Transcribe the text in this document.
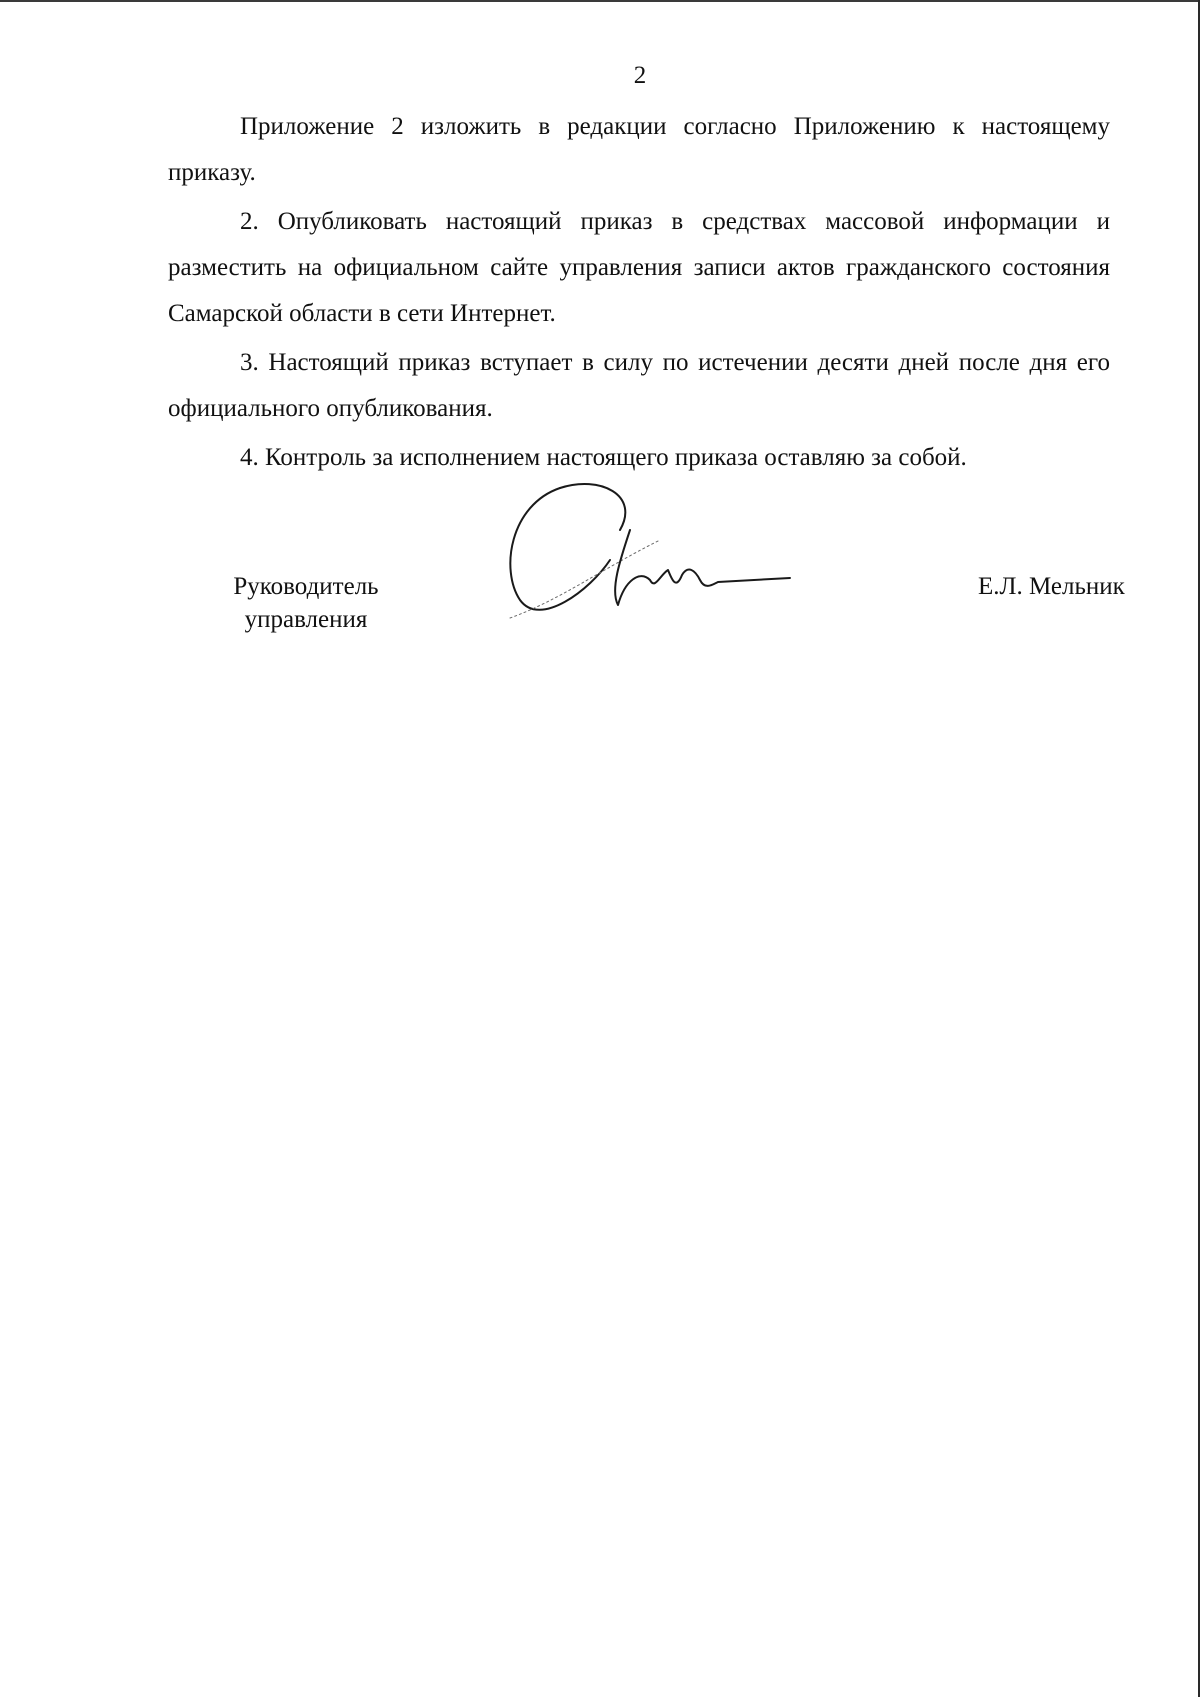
2

Приложение 2 изложить в редакции согласно Приложению к настоящему приказу.

2. Опубликовать настоящий приказ в средствах массовой информации и разместить на официальном сайте управления записи актов гражданского состояния Самарской области в сети Интернет.

3. Настоящий приказ вступает в силу по истечении десяти дней после дня его официального опубликования.

4. Контроль за исполнением настоящего приказа оставляю за собой.

Руководитель
управления
Е.Л. Мельник
